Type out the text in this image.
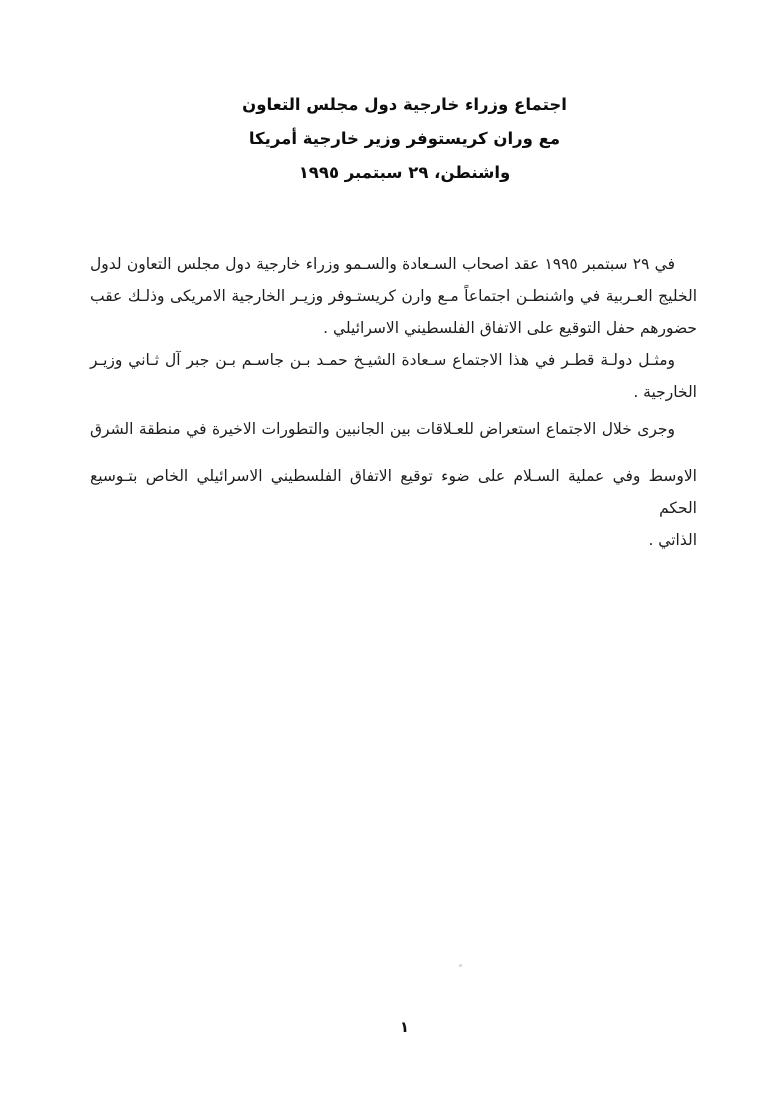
اجتماع وزراء خارجية دول مجلس التعاون
مع وران كريستوفر وزير خارجية أمريكا
واشنطن، ٢٩ سبتمبر ١٩٩٥
في ٢٩ سبتمبر ١٩٩٥ عقد اصحاب السـعادة والسـمو وزراء خارجية دول مجلس التعاون لدول
الخليج العـربية في واشنطـن اجتماعاً مـع وارن كريستـوفر وزيـر الخارجية الامريكى وذلـك عقب
حضورهم حفل التوقيع على الاتفاق الفلسطيني الاسرائيلي .
ومثـل دولـة قطـر في هذا الاجتماع سـعادة الشيـخ حمـد بـن جاسـم بـن جبر آل ثـاني وزيـر
الخارجية .
وجرى خلال الاجتماع استعراض للعـلاقات بين الجانبين والتطورات الاخيرة في منطقة الشرق
الاوسط وفي عملية السـلام على ضوء توقيع الاتفاق الفلسطيني الاسرائيلي الخاص بتـوسيع الحكم
الذاتي .
١
